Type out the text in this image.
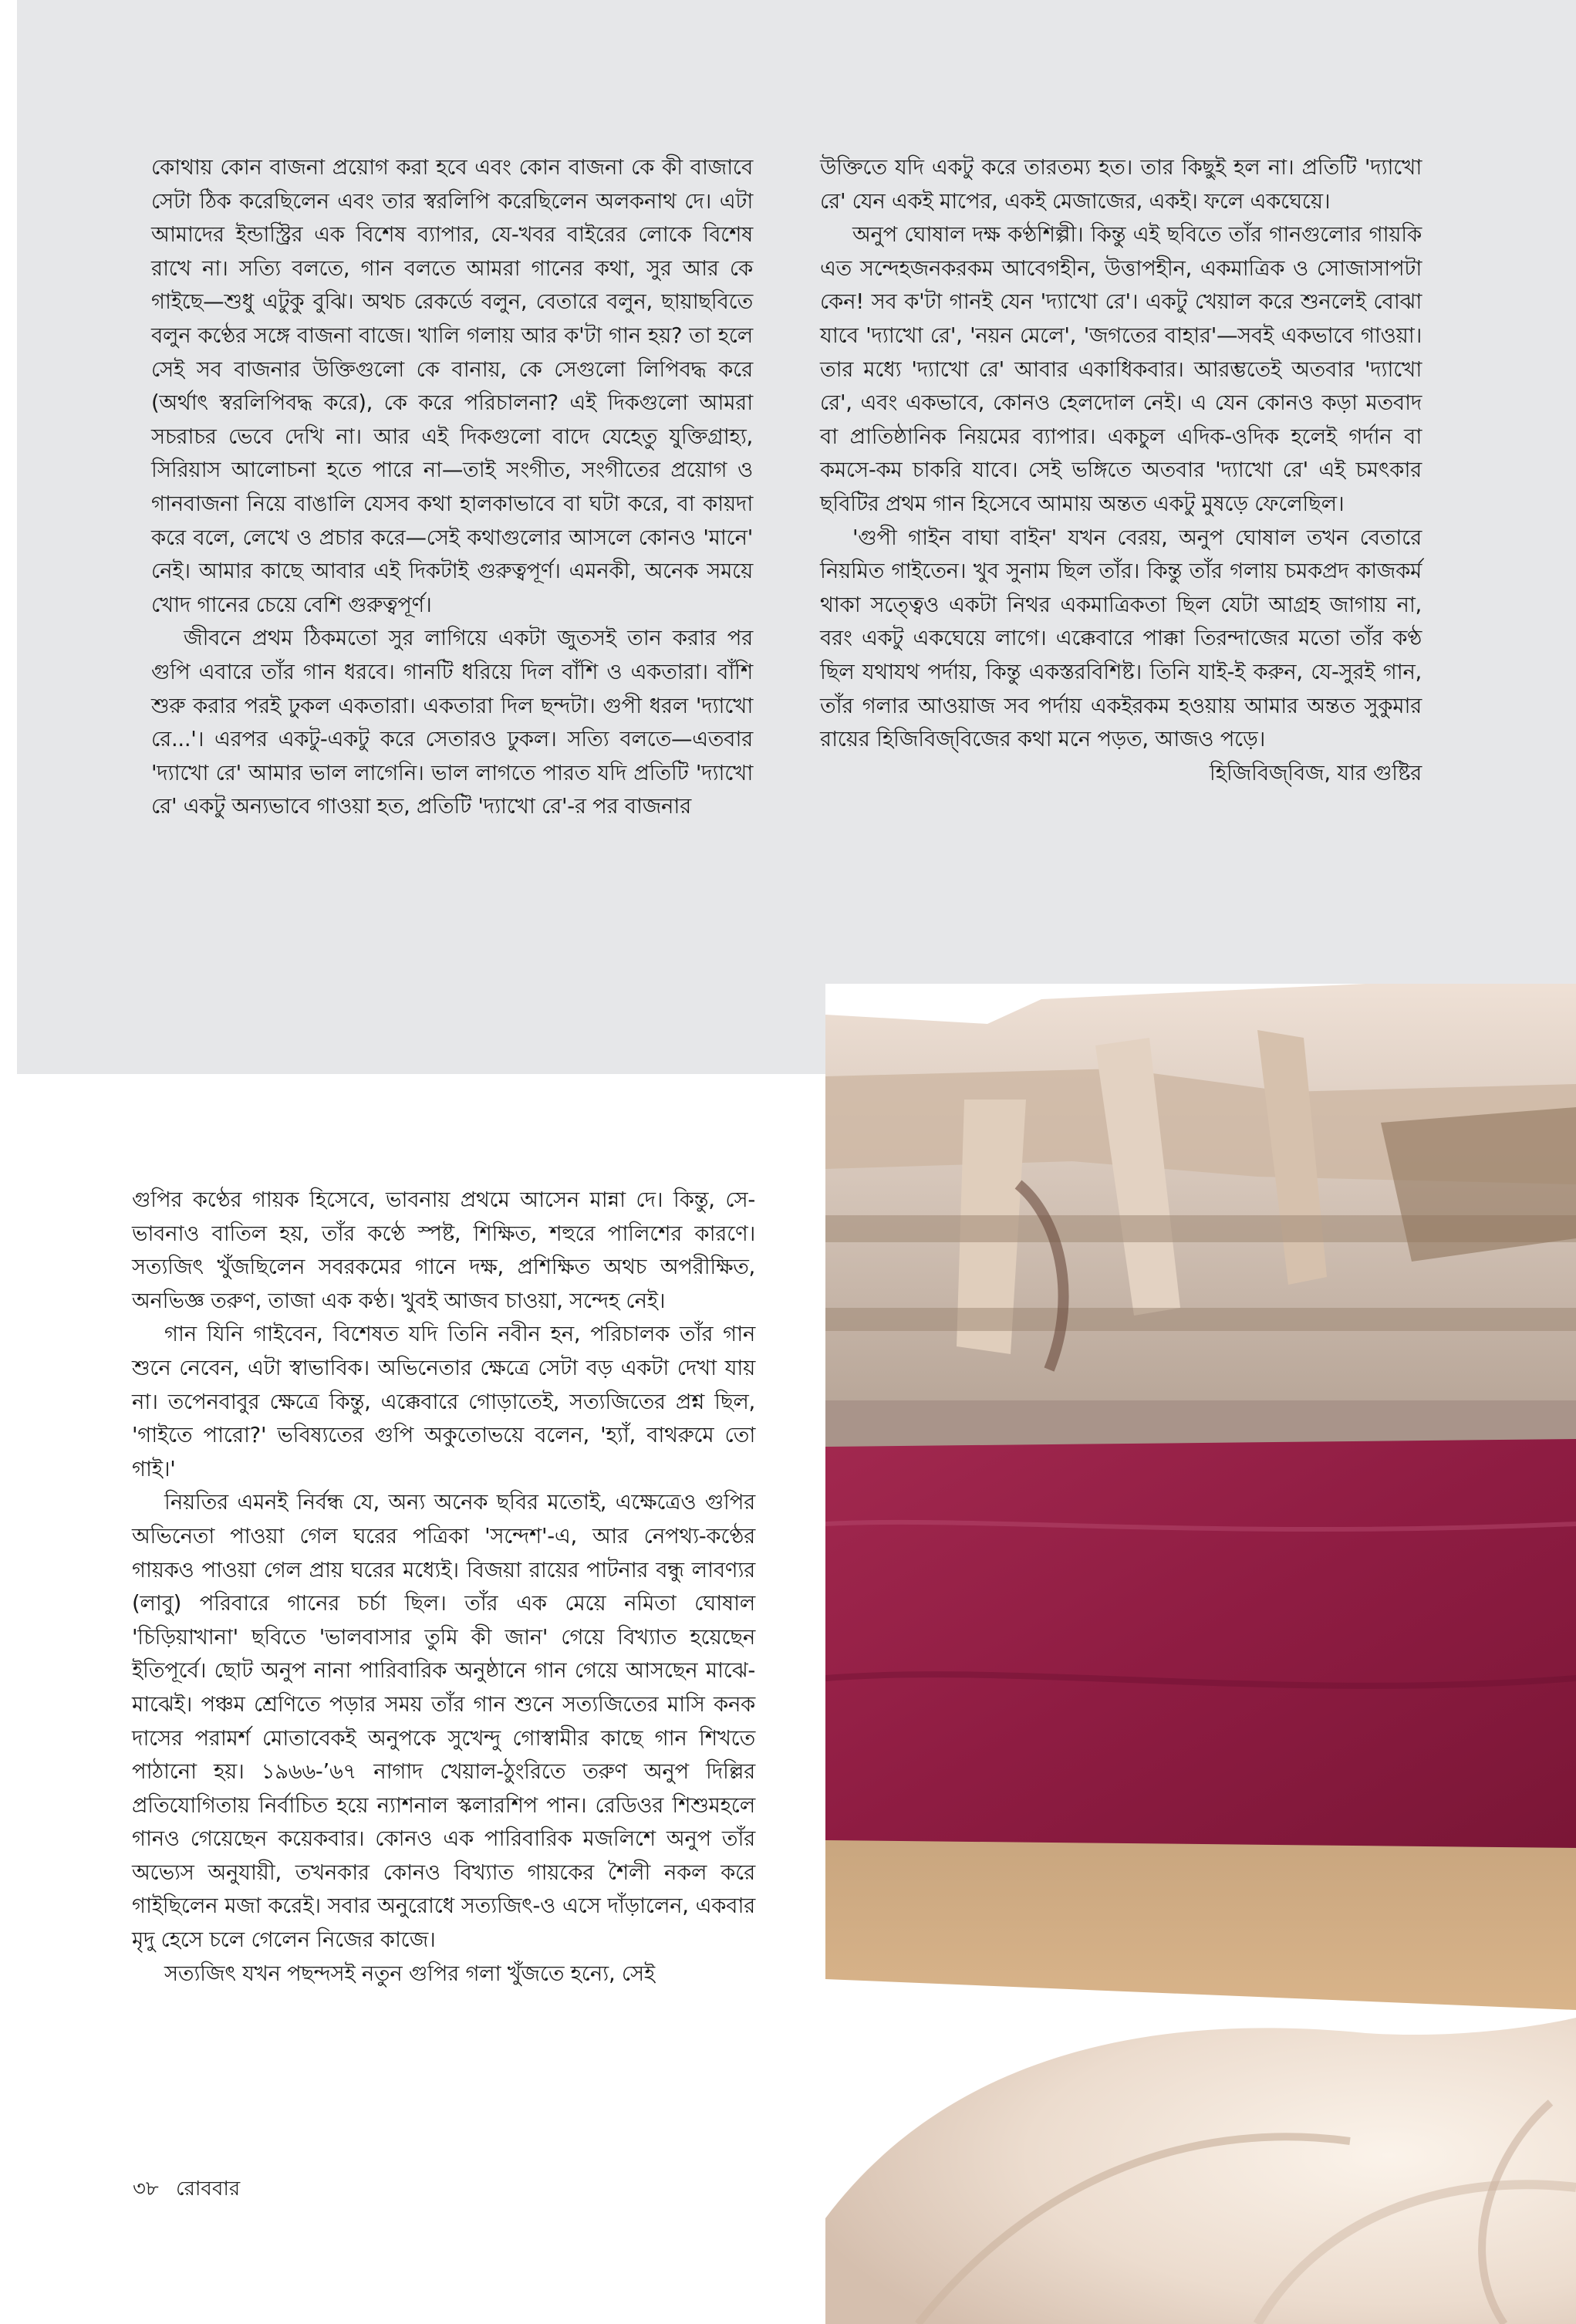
কোথায় কোন বাজনা প্রয়োগ করা হবে এবং কোন বাজনা কে কী বাজাবে সেটা ঠিক করেছিলেন এবং তার স্বরলিপি করেছিলেন অলকনাথ দে। এটা আমাদের ইন্ডাস্ট্রির এক বিশেষ ব্যাপার, যে-খবর বাইরের লোকে বিশেষ রাখে না। সত্যি বলতে, গান বলতে আমরা গানের কথা, সুর আর কে গাইছে—শুধু এটুকু বুঝি। অথচ রেকর্ডে বলুন, বেতারে বলুন, ছায়াছবিতে বলুন কণ্ঠের সঙ্গে বাজনা বাজে। খালি গলায় আর ক'টা গান হয়? তা হলে সেই সব বাজনার উক্তিগুলো কে বানায়, কে সেগুলো লিপিবদ্ধ করে (অর্থাৎ স্বরলিপিবদ্ধ করে), কে করে পরিচালনা? এই দিকগুলো আমরা সচরাচর ভেবে দেখি না। আর এই দিকগুলো বাদে যেহেতু যুক্তিগ্রাহ্য, সিরিয়াস আলোচনা হতে পারে না—তাই সংগীত, সংগীতের প্রয়োগ ও গানবাজনা নিয়ে বাঙালি যেসব কথা হালকাভাবে বা ঘটা করে, বা কায়দা করে বলে, লেখে ও প্রচার করে—সেই কথাগুলোর আসলে কোনও 'মানে' নেই। আমার কাছে আবার এই দিকটাই গুরুত্বপূর্ণ। এমনকী, অনেক সময়ে খোদ গানের চেয়ে বেশি গুরুত্বপূর্ণ।

জীবনে প্রথম ঠিকমতো সুর লাগিয়ে একটা জুতসই তান করার পর গুপি এবারে তাঁর গান ধরবে। গানটি ধরিয়ে দিল বাঁশি ও একতারা। বাঁশি শুরু করার পরই ঢুকল একতারা। একতারা দিল ছন্দটা। গুপী ধরল 'দ্যাখো রে...'। এরপর একটু-একটু করে সেতারও ঢুকল। সত্যি বলতে—এতবার 'দ্যাখো রে' আমার ভাল লাগেনি। ভাল লাগতে পারত যদি প্রতিটি 'দ্যাখো রে' একটু অন্যভাবে গাওয়া হত, প্রতিটি 'দ্যাখো রে'-র পর বাজনার

উক্তিতে যদি একটু করে তারতম্য হত। তার কিছুই হল না। প্রতিটি 'দ্যাখো রে' যেন একই মাপের, একই মেজাজের, একই। ফলে একঘেয়ে।

অনুপ ঘোষাল দক্ষ কণ্ঠশিল্পী। কিন্তু এই ছবিতে তাঁর গানগুলোর গায়কি এত সন্দেহজনকরকম আবেগহীন, উত্তাপহীন, একমাত্রিক ও সোজাসাপটা কেন! সব ক'টা গানই যেন 'দ্যাখো রে'। একটু খেয়াল করে শুনলেই বোঝা যাবে 'দ্যাখো রে', 'নয়ন মেলে', 'জগতের বাহার'—সবই একভাবে গাওয়া। তার মধ্যে 'দ্যাখো রে' আবার একাধিকবার। আরম্ভতেই অতবার 'দ্যাখো রে', এবং একভাবে, কোনও হেলদোল নেই। এ যেন কোনও কড়া মতবাদ বা প্রাতিষ্ঠানিক নিয়মের ব্যাপার। একচুল এদিক-ওদিক হলেই গর্দান বা কমসে-কম চাকরি যাবে। সেই ভঙ্গিতে অতবার 'দ্যাখো রে' এই চমৎকার ছবিটির প্রথম গান হিসেবে আমায় অন্তত একটু মুষড়ে ফেলেছিল।

'গুপী গাইন বাঘা বাইন' যখন বেরয়, অনুপ ঘোষাল তখন বেতারে নিয়মিত গাইতেন। খুব সুনাম ছিল তাঁর। কিন্তু তাঁর গলায় চমকপ্রদ কাজকর্ম থাকা সত্ত্বেও একটা নিথর একমাত্রিকতা ছিল যেটা আগ্রহ জাগায় না, বরং একটু একঘেয়ে লাগে। এক্কেবারে পাক্কা তিরন্দাজের মতো তাঁর কণ্ঠ ছিল যথাযথ পর্দায়, কিন্তু একস্তরবিশিষ্ট। তিনি যাই-ই করুন, যে-সুরই গান, তাঁর গলার আওয়াজ সব পর্দায় একইরকম হওয়ায় আমার অন্তত সুকুমার রায়ের হিজিবিজ্‌বিজের কথা মনে পড়ত, আজও পড়ে।

হিজিবিজ্‌বিজ, যার গুষ্টির

গুপির কণ্ঠের গায়ক হিসেবে, ভাবনায় প্রথমে আসেন মান্না দে। কিন্তু, সে-ভাবনাও বাতিল হয়, তাঁর কণ্ঠে স্পষ্ট, শিক্ষিত, শহুরে পালিশের কারণে। সত্যজিৎ খুঁজছিলেন সবরকমের গানে দক্ষ, প্রশিক্ষিত অথচ অপরীক্ষিত, অনভিজ্ঞ তরুণ, তাজা এক কণ্ঠ। খুবই আজব চাওয়া, সন্দেহ নেই।

গান যিনি গাইবেন, বিশেষত যদি তিনি নবীন হন, পরিচালক তাঁর গান শুনে নেবেন, এটা স্বাভাবিক। অভিনেতার ক্ষেত্রে সেটা বড় একটা দেখা যায় না। তপেনবাবুর ক্ষেত্রে কিন্তু, এক্কেবারে গোড়াতেই, সত্যজিতের প্রশ্ন ছিল, 'গাইতে পারো?' ভবিষ্যতের গুপি অকুতোভয়ে বলেন, 'হ্যাঁ, বাথরুমে তো গাই।'

নিয়তির এমনই নির্বন্ধ যে, অন্য অনেক ছবির মতোই, এক্ষেত্রেও গুপির অভিনেতা পাওয়া গেল ঘরের পত্রিকা 'সন্দেশ'-এ, আর নেপথ্য-কণ্ঠের গায়কও পাওয়া গেল প্রায় ঘরের মধ্যেই। বিজয়া রায়ের পাটনার বন্ধু লাবণ্যর (লাবু) পরিবারে গানের চর্চা ছিল। তাঁর এক মেয়ে নমিতা ঘোষাল 'চিড়িয়াখানা' ছবিতে 'ভালবাসার তুমি কী জান' গেয়ে বিখ্যাত হয়েছেন ইতিপূর্বে। ছোট অনুপ নানা পারিবারিক অনুষ্ঠানে গান গেয়ে আসছেন মাঝে-মাঝেই। পঞ্চম শ্রেণিতে পড়ার সময় তাঁর গান শুনে সত্যজিতের মাসি কনক দাসের পরামর্শ মোতাবেকই অনুপকে সুখেন্দু গোস্বামীর কাছে গান শিখতে পাঠানো হয়। ১৯৬৬-’৬৭ নাগাদ খেয়াল-ঠুংরিতে তরুণ অনুপ দিল্লির প্রতিযোগিতায় নির্বাচিত হয়ে ন্যাশনাল স্কলারশিপ পান। রেডিওর শিশুমহলে গানও গেয়েছেন কয়েকবার। কোনও এক পারিবারিক মজলিশে অনুপ তাঁর অভ্যেস অনুযায়ী, তখনকার কোনও বিখ্যাত গায়কের শৈলী নকল করে গাইছিলেন মজা করেই। সবার অনুরোধে সত্যজিৎ-ও এসে দাঁড়ালেন, একবার মৃদু হেসে চলে গেলেন নিজের কাজে।

সত্যজিৎ যখন পছন্দসই নতুন গুপির গলা খুঁজতে হন্যে, সেই

৩৮ রোববার
